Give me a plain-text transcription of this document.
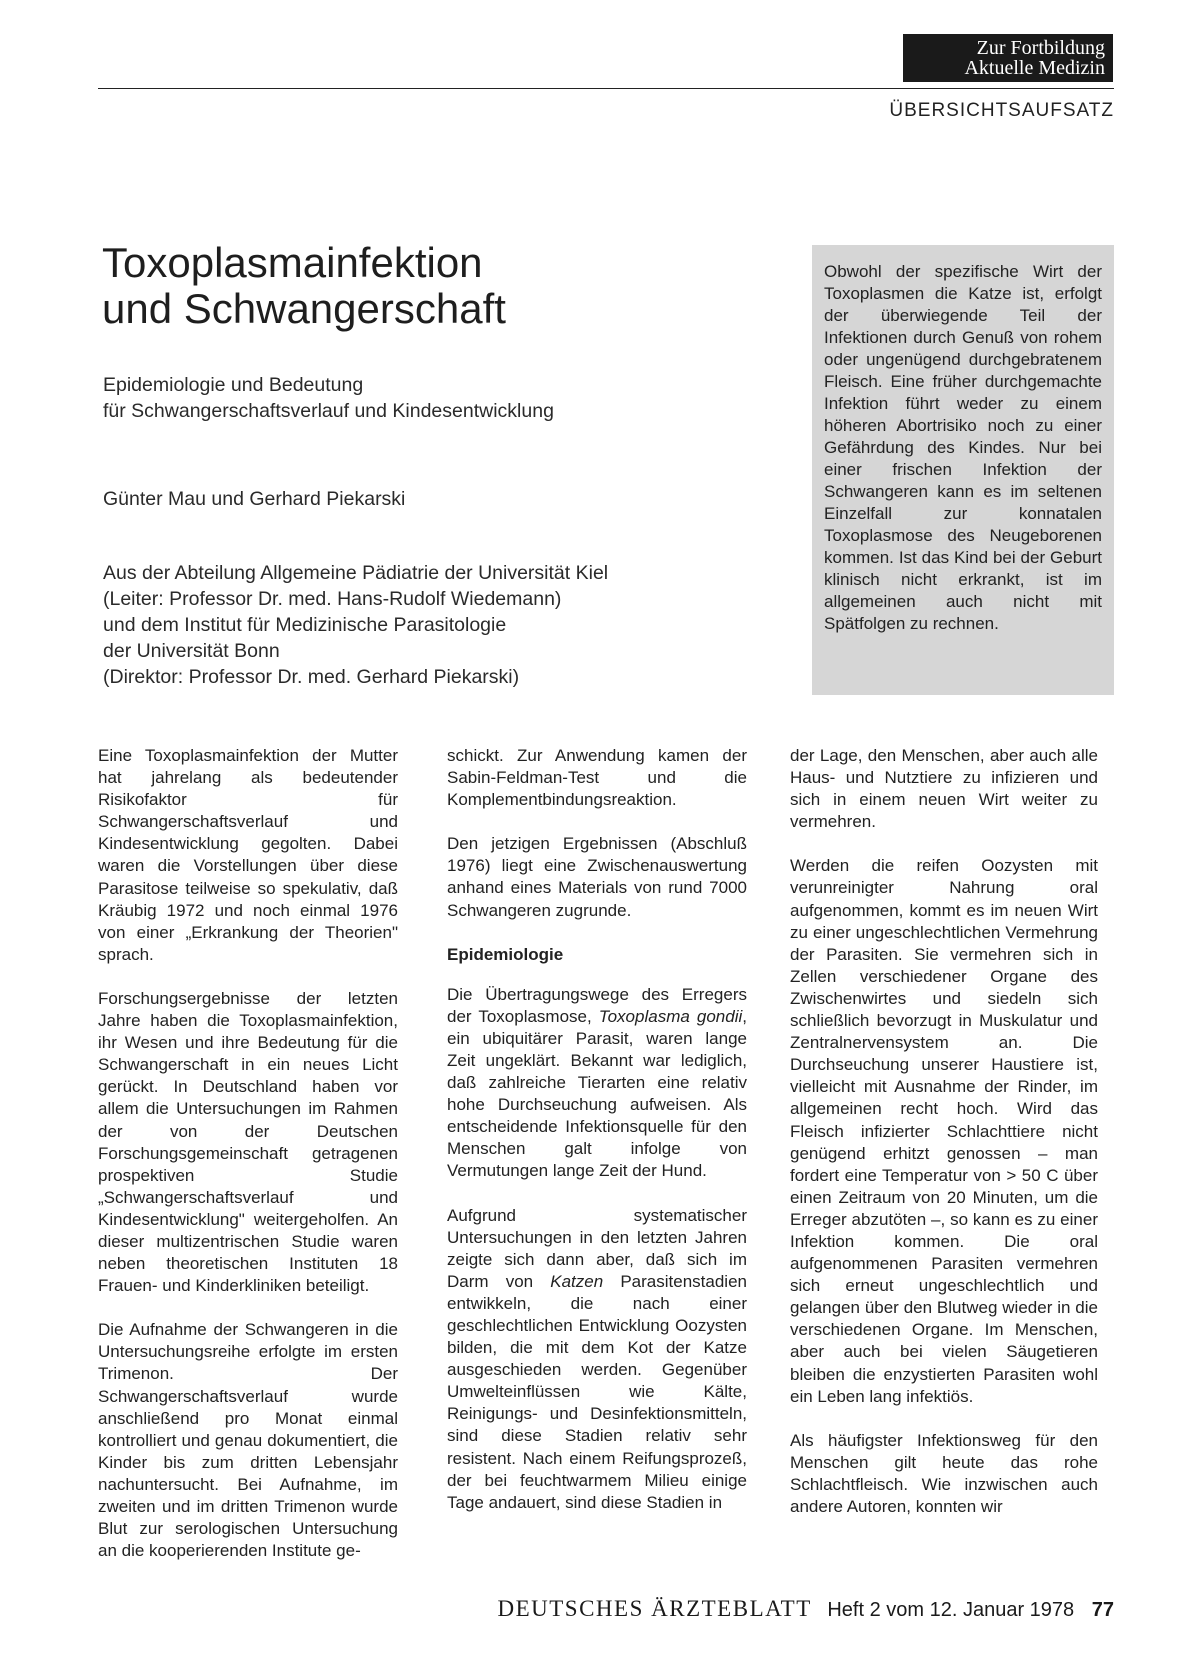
Zur Fortbildung
Aktuelle Medizin
ÜBERSICHTSAUFSATZ
Toxoplasmainfektion
und Schwangerschaft
Epidemiologie und Bedeutung
für Schwangerschaftsverlauf und Kindesentwicklung
Günter Mau und Gerhard Piekarski
Aus der Abteilung Allgemeine Pädiatrie der Universität Kiel
(Leiter: Professor Dr. med. Hans-Rudolf Wiedemann)
und dem Institut für Medizinische Parasitologie
der Universität Bonn
(Direktor: Professor Dr. med. Gerhard Piekarski)
Obwohl der spezifische Wirt der Toxoplasmen die Katze ist, erfolgt der überwiegende Teil der Infektionen durch Genuß von rohem oder ungenügend durchgebratenem Fleisch. Eine früher durchgemachte Infektion führt weder zu einem höheren Abortrisiko noch zu einer Gefährdung des Kindes. Nur bei einer frischen Infektion der Schwangeren kann es im seltenen Einzelfall zur konnatalen Toxoplasmose des Neugeborenen kommen. Ist das Kind bei der Geburt klinisch nicht erkrankt, ist im allgemeinen auch nicht mit Spätfolgen zu rechnen.

Eine Toxoplasmainfektion der Mutter hat jahrelang als bedeutender Risikofaktor für Schwangerschaftsverlauf und Kindesentwicklung gegolten. Dabei waren die Vorstellungen über diese Parasitose teilweise so spekulativ, daß Kräubig 1972 und noch einmal 1976 von einer „Erkrankung der Theorien" sprach.

Forschungsergebnisse der letzten Jahre haben die Toxoplasmainfektion, ihr Wesen und ihre Bedeutung für die Schwangerschaft in ein neues Licht gerückt. In Deutschland haben vor allem die Untersuchungen im Rahmen der von der Deutschen Forschungsgemeinschaft getragenen prospektiven Studie „Schwangerschaftsverlauf und Kindesentwicklung" weitergeholfen. An dieser multizentrischen Studie waren neben theoretischen Instituten 18 Frauen- und Kinderkliniken beteiligt.

Die Aufnahme der Schwangeren in die Untersuchungsreihe erfolgte im ersten Trimenon. Der Schwangerschaftsverlauf wurde anschließend pro Monat einmal kontrolliert und genau dokumentiert, die Kinder bis zum dritten Lebensjahr nachuntersucht. Bei Aufnahme, im zweiten und im dritten Trimenon wurde Blut zur serologischen Untersuchung an die kooperierenden Institute ge-

schickt. Zur Anwendung kamen der Sabin-Feldman-Test und die Komplementbindungsreaktion.

Den jetzigen Ergebnissen (Abschluß 1976) liegt eine Zwischenauswertung anhand eines Materials von rund 7000 Schwangeren zugrunde.

Epidemiologie

Die Übertragungswege des Erregers der Toxoplasmose, Toxoplasma gondii, ein ubiquitärer Parasit, waren lange Zeit ungeklärt. Bekannt war lediglich, daß zahlreiche Tierarten eine relativ hohe Durchseuchung aufweisen. Als entscheidende Infektionsquelle für den Menschen galt infolge von Vermutungen lange Zeit der Hund.

Aufgrund systematischer Untersuchungen in den letzten Jahren zeigte sich dann aber, daß sich im Darm von Katzen Parasitenstadien entwikkeln, die nach einer geschlechtlichen Entwicklung Oozysten bilden, die mit dem Kot der Katze ausgeschieden werden. Gegenüber Umwelteinflüssen wie Kälte, Reinigungs- und Desinfektionsmitteln, sind diese Stadien relativ sehr resistent. Nach einem Reifungsprozeß, der bei feuchtwarmem Milieu einige Tage andauert, sind diese Stadien in

der Lage, den Menschen, aber auch alle Haus- und Nutztiere zu infizieren und sich in einem neuen Wirt weiter zu vermehren.

Werden die reifen Oozysten mit verunreinigter Nahrung oral aufgenommen, kommt es im neuen Wirt zu einer ungeschlechtlichen Vermehrung der Parasiten. Sie vermehren sich in Zellen verschiedener Organe des Zwischenwirtes und siedeln sich schließlich bevorzugt in Muskulatur und Zentralnervensystem an. Die Durchseuchung unserer Haustiere ist, vielleicht mit Ausnahme der Rinder, im allgemeinen recht hoch. Wird das Fleisch infizierter Schlachttiere nicht genügend erhitzt genossen – man fordert eine Temperatur von > 50 C über einen Zeitraum von 20 Minuten, um die Erreger abzutöten –, so kann es zu einer Infektion kommen. Die oral aufgenommenen Parasiten vermehren sich erneut ungeschlechtlich und gelangen über den Blutweg wieder in die verschiedenen Organe. Im Menschen, aber auch bei vielen Säugetieren bleiben die enzystierten Parasiten wohl ein Leben lang infektiös.

Als häufigster Infektionsweg für den Menschen gilt heute das rohe Schlachtfleisch. Wie inzwischen auch andere Autoren, konnten wir

DEUTSCHES ÄRZTEBLATT Heft 2 vom 12. Januar 1978 77
